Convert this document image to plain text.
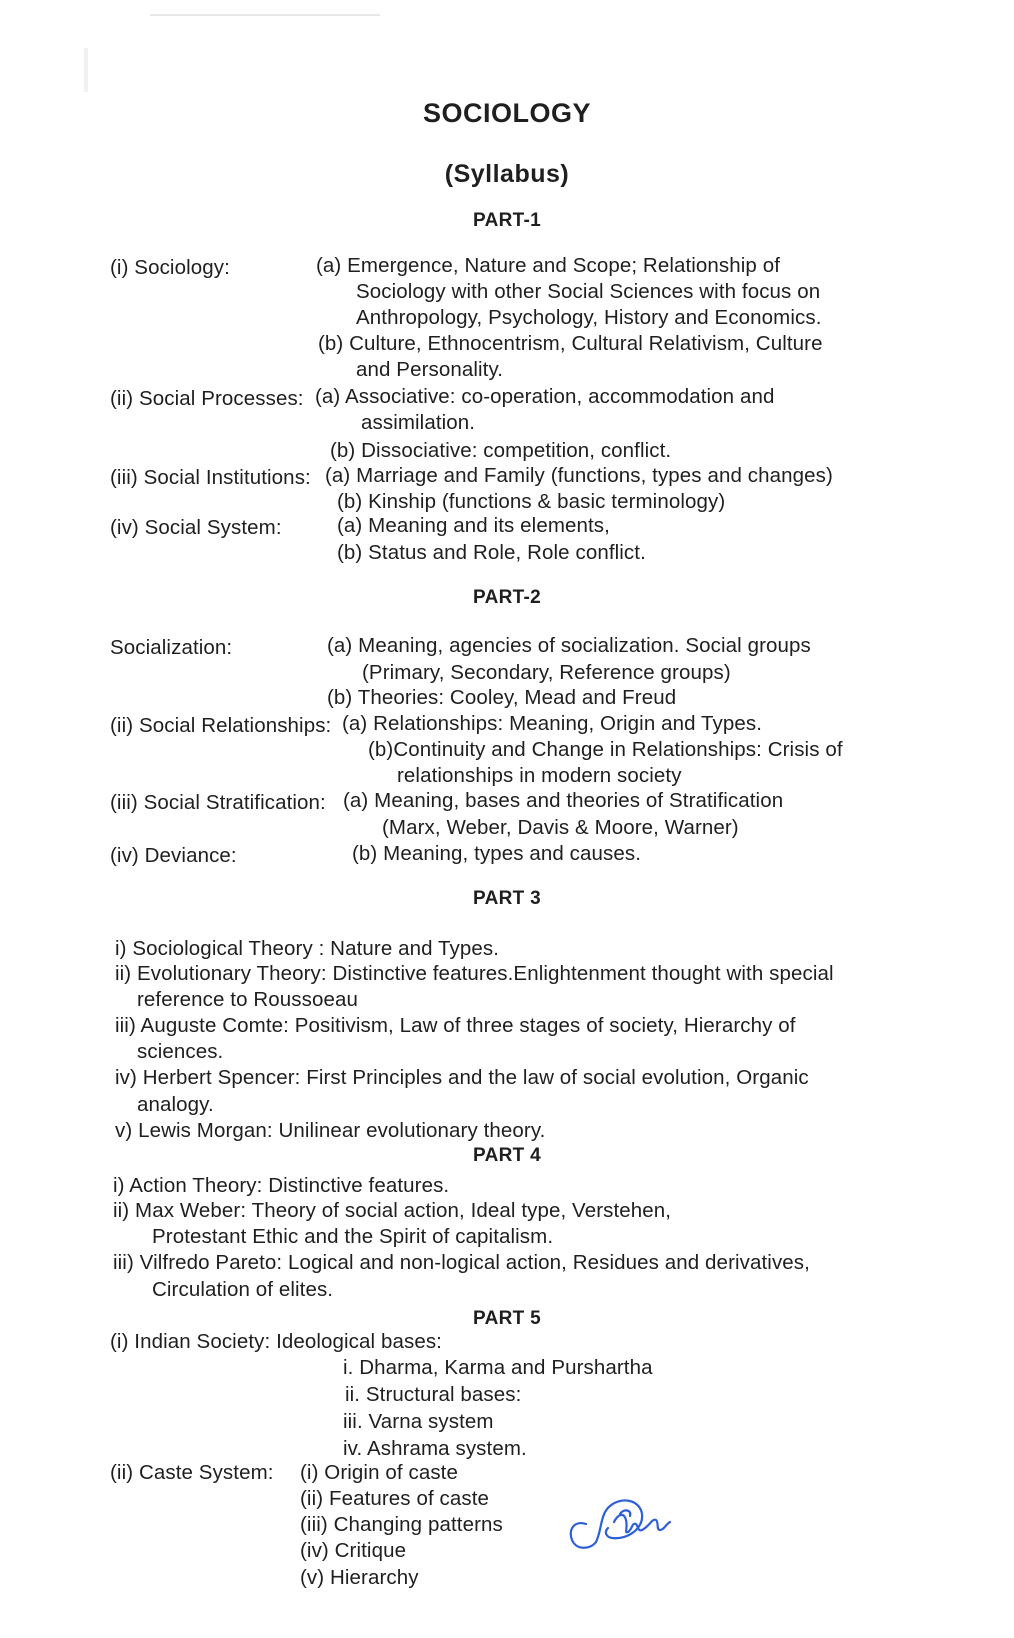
SOCIOLOGY
(Syllabus)
PART-1
(i) Sociology:	(a) Emergence, Nature and Scope; Relationship of
Sociology with other Social Sciences with focus on
Anthropology, Psychology, History and Economics.
(b) Culture, Ethnocentrism, Cultural Relativism, Culture
and Personality.
(ii) Social Processes: (a) Associative: co-operation, accommodation and
assimilation.
(b) Dissociative: competition, conflict.
(iii) Social Institutions: (a) Marriage and Family (functions, types and changes)
(b) Kinship (functions & basic terminology)
(iv) Social System:	(a) Meaning and its elements,
(b) Status and Role, Role conflict.
PART-2
Socialization:	(a) Meaning, agencies of socialization. Social groups
(Primary, Secondary, Reference groups)
(b) Theories: Cooley, Mead and Freud
(ii) Social Relationships: (a) Relationships: Meaning, Origin and Types.
(b)Continuity and Change in Relationships: Crisis of
relationships in modern society
(iii) Social Stratification: (a) Meaning, bases and theories of Stratification
(Marx, Weber, Davis & Moore, Warner)
(iv) Deviance:	(b) Meaning, types and causes.
PART 3
i) Sociological Theory : Nature and Types.
ii) Evolutionary Theory: Distinctive features.Enlightenment thought with special
reference to Roussoeau
iii) Auguste Comte: Positivism, Law of three stages of society, Hierarchy of
sciences.
iv) Herbert Spencer: First Principles and the law of social evolution, Organic
analogy.
v) Lewis Morgan: Unilinear evolutionary theory.
PART 4
i) Action Theory: Distinctive features.
ii) Max Weber: Theory of social action, Ideal type, Verstehen,
Protestant Ethic and the Spirit of capitalism.
iii) Vilfredo Pareto: Logical and non-logical action, Residues and derivatives,
Circulation of elites.
PART 5
(i) Indian Society: Ideological bases:
i. Dharma, Karma and Purshartha
ii. Structural bases:
iii. Varna system
iv. Ashrama system.
(ii) Caste System: (i) Origin of caste
(ii) Features of caste
(iii) Changing patterns
(iv) Critique
(v) Hierarchy
